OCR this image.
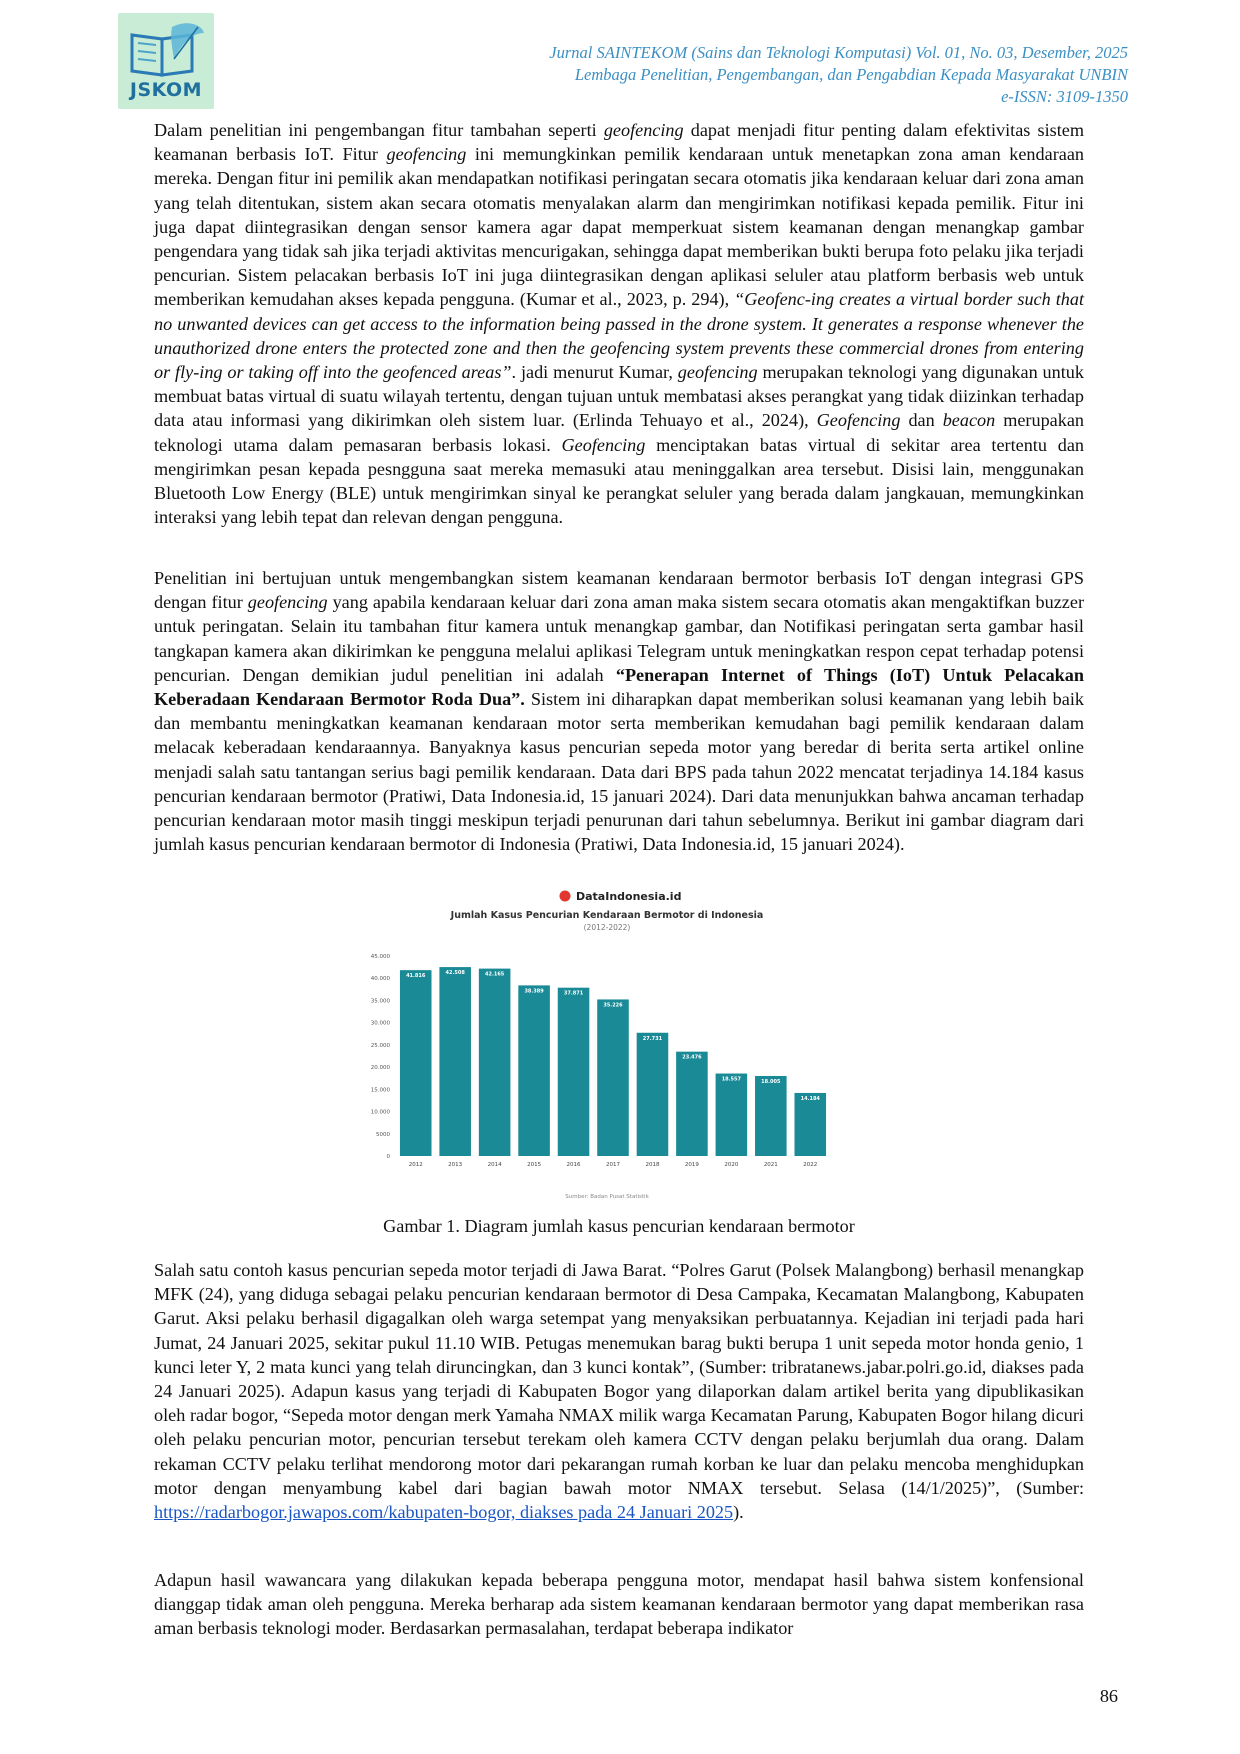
JSKOM
Jurnal SAINTEKOM (Sains dan Teknologi Komputasi) Vol. 01, No. 03, Desember, 2025
Lembaga Penelitian, Pengembangan, dan Pengabdian Kepada Masyarakat UNBIN
e-ISSN: 3109-1350
Dalam penelitian ini pengembangan fitur tambahan seperti geofencing dapat menjadi fitur penting dalam efektivitas sistem keamanan berbasis IoT. Fitur geofencing ini memungkinkan pemilik kendaraan untuk menetapkan zona aman kendaraan mereka. Dengan fitur ini pemilik akan mendapatkan notifikasi peringatan secara otomatis jika kendaraan keluar dari zona aman yang telah ditentukan, sistem akan secara otomatis menyalakan alarm dan mengirimkan notifikasi kepada pemilik. Fitur ini juga dapat diintegrasikan dengan sensor kamera agar dapat memperkuat sistem keamanan dengan menangkap gambar pengendara yang tidak sah jika terjadi aktivitas mencurigakan, sehingga dapat memberikan bukti berupa foto pelaku jika terjadi pencurian. Sistem pelacakan berbasis IoT ini juga diintegrasikan dengan aplikasi seluler atau platform berbasis web untuk memberikan kemudahan akses kepada pengguna. (Kumar et al., 2023, p. 294), “Geofenc-ing creates a virtual border such that no unwanted devices can get access to the information being passed in the drone system. It generates a response whenever the unauthorized drone enters the protected zone and then the geofencing system prevents these commercial drones from entering or fly-ing or taking off into the geofenced areas”. jadi menurut Kumar, geofencing merupakan teknologi yang digunakan untuk membuat batas virtual di suatu wilayah tertentu, dengan tujuan untuk membatasi akses perangkat yang tidak diizinkan terhadap data atau informasi yang dikirimkan oleh sistem luar. (Erlinda Tehuayo et al., 2024), Geofencing dan beacon merupakan teknologi utama dalam pemasaran berbasis lokasi. Geofencing menciptakan batas virtual di sekitar area tertentu dan mengirimkan pesan kepada pesngguna saat mereka memasuki atau meninggalkan area tersebut. Disisi lain, menggunakan Bluetooth Low Energy (BLE) untuk mengirimkan sinyal ke perangkat seluler yang berada dalam jangkauan, memungkinkan interaksi yang lebih tepat dan relevan dengan pengguna.
Penelitian ini bertujuan untuk mengembangkan sistem keamanan kendaraan bermotor berbasis IoT dengan integrasi GPS dengan fitur geofencing yang apabila kendaraan keluar dari zona aman maka sistem secara otomatis akan mengaktifkan buzzer untuk peringatan. Selain itu tambahan fitur kamera untuk menangkap gambar, dan Notifikasi peringatan serta gambar hasil tangkapan kamera akan dikirimkan ke pengguna melalui aplikasi Telegram untuk meningkatkan respon cepat terhadap potensi pencurian. Dengan demikian judul penelitian ini adalah “Penerapan Internet of Things (IoT) Untuk Pelacakan Keberadaan Kendaraan Bermotor Roda Dua”. Sistem ini diharapkan dapat memberikan solusi keamanan yang lebih baik dan membantu meningkatkan keamanan kendaraan motor serta memberikan kemudahan bagi pemilik kendaraan dalam melacak keberadaan kendaraannya. Banyaknya kasus pencurian sepeda motor yang beredar di berita serta artikel online menjadi salah satu tantangan serius bagi pemilik kendaraan. Data dari BPS pada tahun 2022 mencatat terjadinya 14.184 kasus pencurian kendaraan bermotor (Pratiwi, Data Indonesia.id, 15 januari 2024). Dari data menunjukkan bahwa ancaman terhadap pencurian kendaraan motor masih tinggi meskipun terjadi penurunan dari tahun sebelumnya. Berikut ini gambar diagram dari jumlah kasus pencurian kendaraan bermotor di Indonesia (Pratiwi, Data Indonesia.id, 15 januari 2024).
DataIndonesia.id
Jumlah Kasus Pencurian Kendaraan Bermotor di Indonesia
(2012-2022)
0
5000
10.000
15.000
20.000
25.000
30.000
35.000
40.000
45.000
41.816
42.508	42.165
38.389	37.871
35.226
27.731
23.476
18.557	18.005
14.184
2012	2013	2014	2015	2016	2017	2018	2019	2020	2021	2022
Sumber: Badan Pusat Statistik
Gambar 1. Diagram jumlah kasus pencurian kendaraan bermotor
Salah satu contoh kasus pencurian sepeda motor terjadi di Jawa Barat. “Polres Garut (Polsek Malangbong) berhasil menangkap MFK (24), yang diduga sebagai pelaku pencurian kendaraan bermotor di Desa Campaka, Kecamatan Malangbong, Kabupaten Garut. Aksi pelaku berhasil digagalkan oleh warga setempat yang menyaksikan perbuatannya. Kejadian ini terjadi pada hari Jumat, 24 Januari 2025, sekitar pukul 11.10 WIB. Petugas menemukan barag bukti berupa 1 unit sepeda motor honda genio, 1 kunci leter Y, 2 mata kunci yang telah diruncingkan, dan 3 kunci kontak”, (Sumber: tribratanews.jabar.polri.go.id, diakses pada 24 Januari 2025). Adapun kasus yang terjadi di Kabupaten Bogor yang dilaporkan dalam artikel berita yang dipublikasikan oleh radar bogor, “Sepeda motor dengan merk Yamaha NMAX milik warga Kecamatan Parung, Kabupaten Bogor hilang dicuri oleh pelaku pencurian motor, pencurian tersebut terekam oleh kamera CCTV dengan pelaku berjumlah dua orang. Dalam rekaman CCTV pelaku terlihat mendorong motor dari pekarangan rumah korban ke luar dan pelaku mencoba menghidupkan motor dengan menyambung kabel dari bagian bawah motor NMAX tersebut. Selasa (14/1/2025)”, (Sumber: https://radarbogor.jawapos.com/kabupaten-bogor, diakses pada 24 Januari 2025).
Adapun hasil wawancara yang dilakukan kepada beberapa pengguna motor, mendapat hasil bahwa sistem konfensional dianggap tidak aman oleh pengguna. Mereka berharap ada sistem keamanan kendaraan bermotor yang dapat memberikan rasa aman berbasis teknologi moder. Berdasarkan permasalahan, terdapat beberapa indikator
86
